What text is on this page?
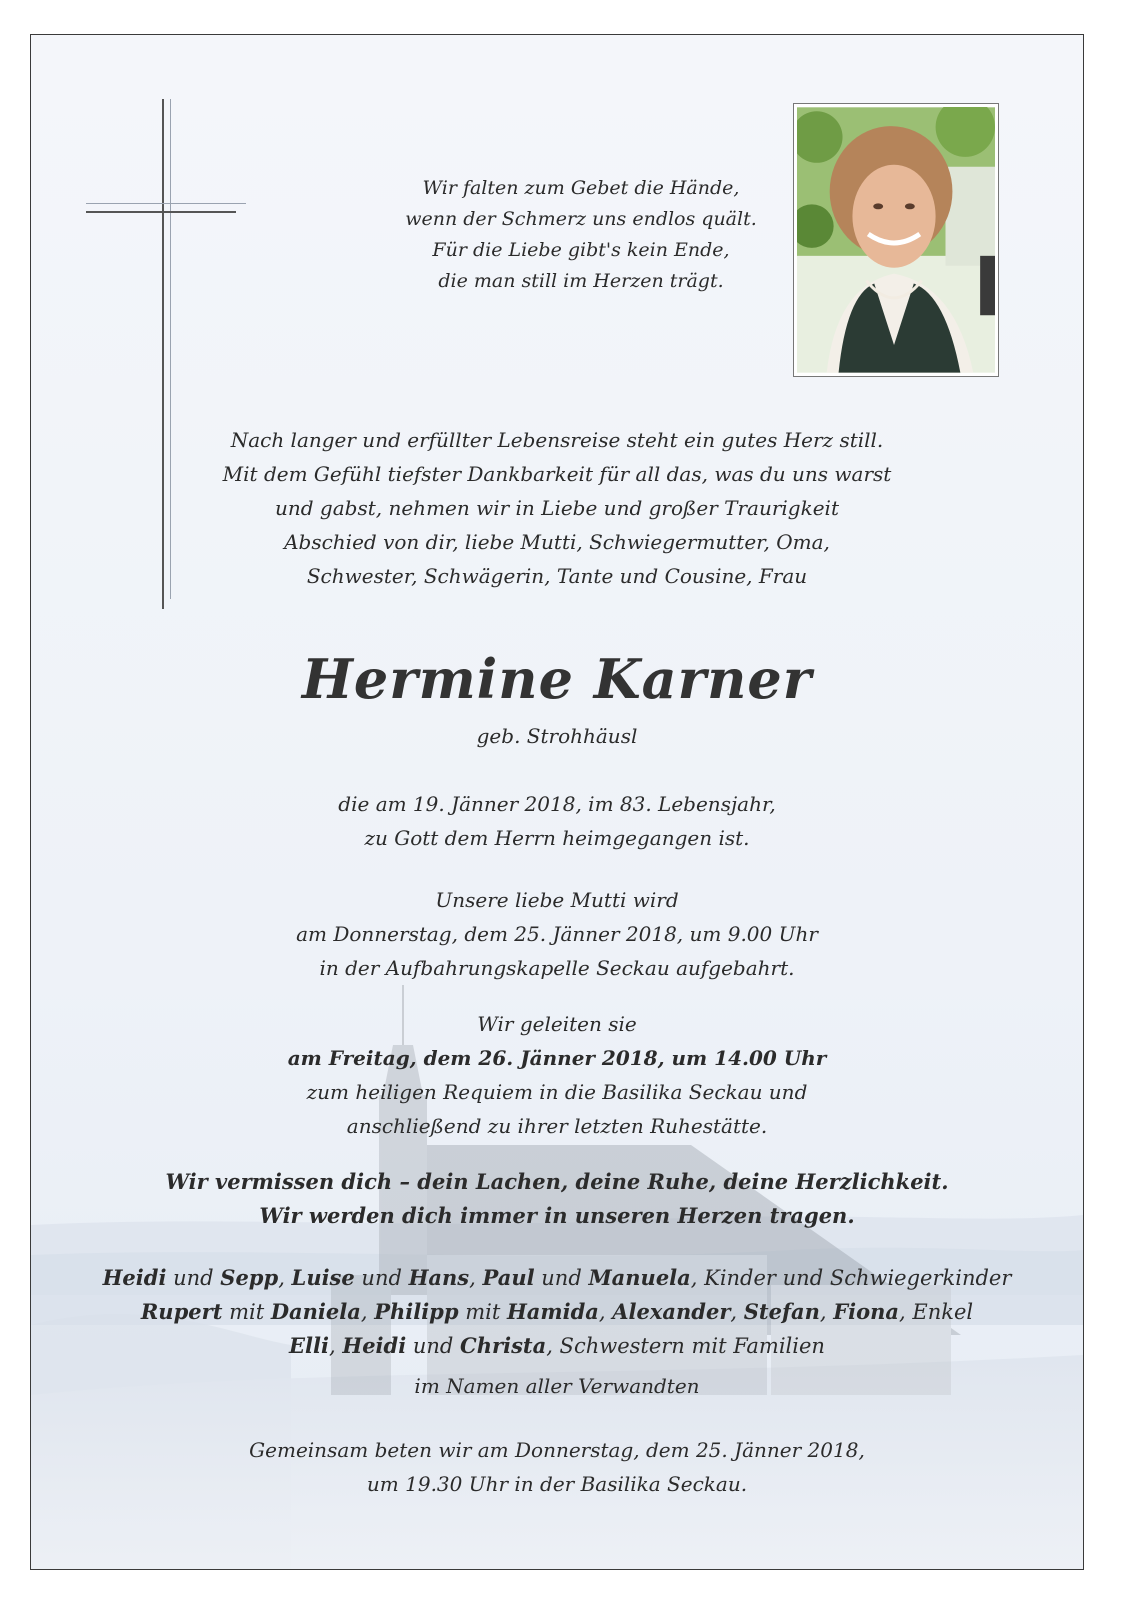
Wir falten zum Gebet die Hände,
wenn der Schmerz uns endlos quält.
Für die Liebe gibt's kein Ende,
die man still im Herzen trägt.
Nach langer und erfüllter Lebensreise steht ein gutes Herz still.
Mit dem Gefühl tiefster Dankbarkeit für all das, was du uns warst
und gabst, nehmen wir in Liebe und großer Traurigkeit
Abschied von dir, liebe Mutti, Schwiegermutter, Oma,
Schwester, Schwägerin, Tante und Cousine, Frau
Hermine Karner
geb. Strohhäusl
die am 19. Jänner 2018, im 83. Lebensjahr,
zu Gott dem Herrn heimgegangen ist.
Unsere liebe Mutti wird
am Donnerstag, dem 25. Jänner 2018, um 9.00 Uhr
in der Aufbahrungskapelle Seckau aufgebahrt.
Wir geleiten sie
am Freitag, dem 26. Jänner 2018, um 14.00 Uhr
zum heiligen Requiem in die Basilika Seckau und
anschließend zu ihrer letzten Ruhestätte.
Wir vermissen dich – dein Lachen, deine Ruhe, deine Herzlichkeit.
Wir werden dich immer in unseren Herzen tragen.
Heidi und Sepp, Luise und Hans, Paul und Manuela, Kinder und Schwiegerkinder
Rupert mit Daniela, Philipp mit Hamida, Alexander, Stefan, Fiona, Enkel
Elli, Heidi und Christa, Schwestern mit Familien
im Namen aller Verwandten
Gemeinsam beten wir am Donnerstag, dem 25. Jänner 2018,
um 19.30 Uhr in der Basilika Seckau.
